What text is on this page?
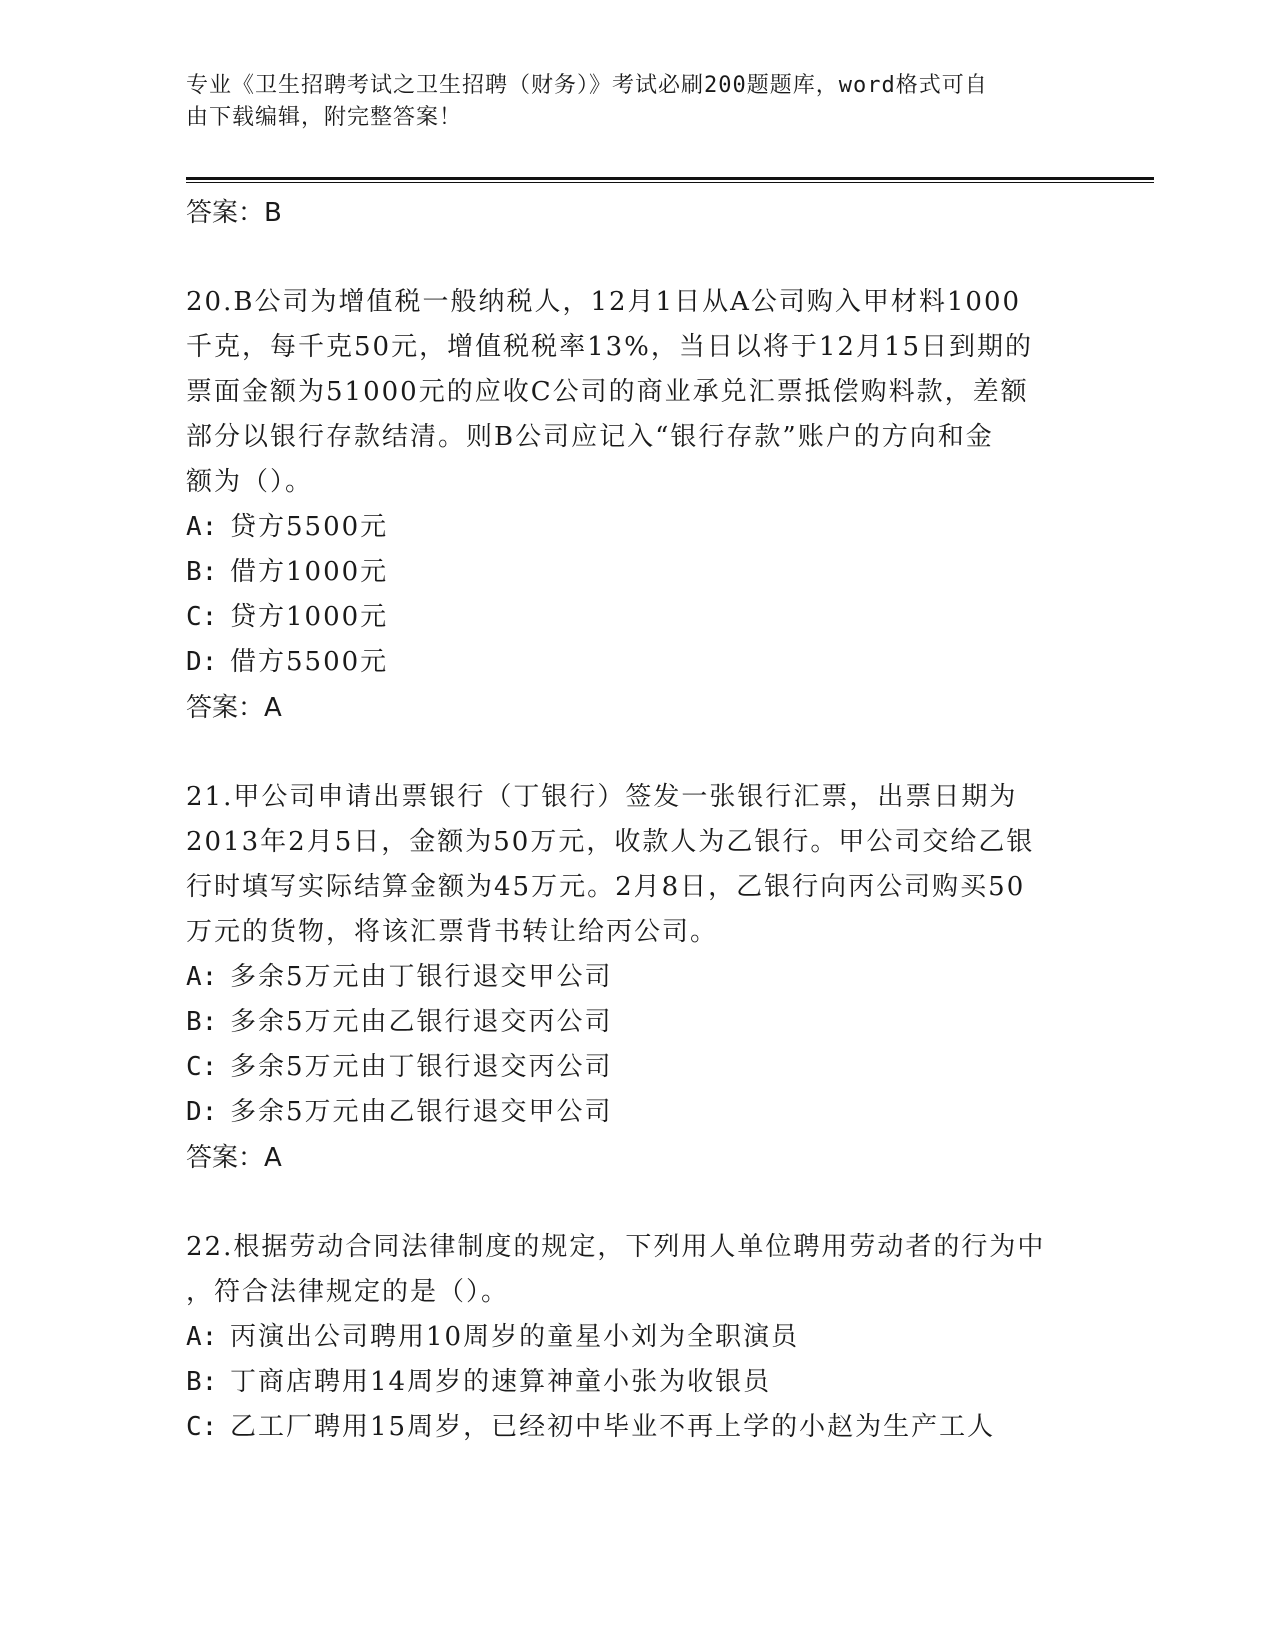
专业《卫生招聘考试之卫生招聘（财务）》考试必刷200题题库，word格式可自
由下载编辑，附完整答案！
答案：B

20.B公司为增值税一般纳税人，12月1日从A公司购入甲材料1000

千克，每千克50元，增值税税率13%，当日以将于12月15日到期的

票面金额为51000元的应收C公司的商业承兑汇票抵偿购料款，差额

部分以银行存款结清。则B公司应记入“银行存款”账户的方向和金

额为（）。

A: 贷方5500元

B: 借方1000元

C: 贷方1000元

D: 借方5500元

答案：A

21.甲公司申请出票银行（丁银行）签发一张银行汇票，出票日期为

2013年2月5日，金额为50万元，收款人为乙银行。甲公司交给乙银

行时填写实际结算金额为45万元。2月8日，乙银行向丙公司购买50

万元的货物，将该汇票背书转让给丙公司。

A: 多余5万元由丁银行退交甲公司

B: 多余5万元由乙银行退交丙公司

C: 多余5万元由丁银行退交丙公司

D: 多余5万元由乙银行退交甲公司

答案：A

22.根据劳动合同法律制度的规定，下列用人单位聘用劳动者的行为中

，符合法律规定的是（）。

A: 丙演出公司聘用10周岁的童星小刘为全职演员

B: 丁商店聘用14周岁的速算神童小张为收银员

C: 乙工厂聘用15周岁，已经初中毕业不再上学的小赵为生产工人
